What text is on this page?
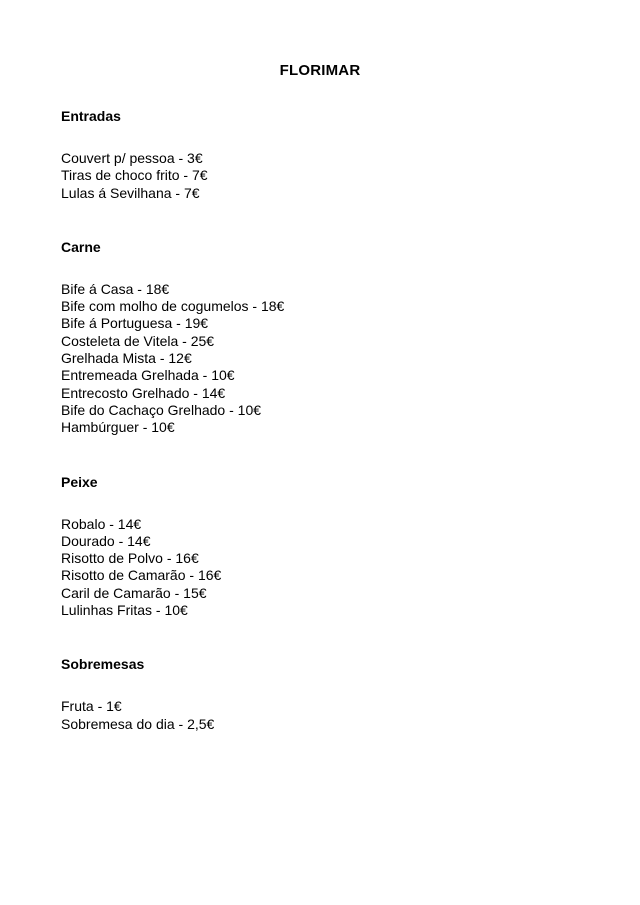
FLORIMAR
Entradas
Couvert p/ pessoa - 3€
Tiras de choco frito - 7€
Lulas á Sevilhana - 7€
Carne
Bife á Casa - 18€
Bife com molho de cogumelos - 18€
Bife á Portuguesa - 19€
Costeleta de Vitela - 25€
Grelhada Mista - 12€
Entremeada Grelhada - 10€
Entrecosto Grelhado - 14€
Bife do Cachaço Grelhado - 10€
Hambúrguer - 10€
Peixe
Robalo - 14€
Dourado - 14€
Risotto de Polvo - 16€
Risotto de Camarão - 16€
Caril de Camarão - 15€
Lulinhas Fritas - 10€
Sobremesas
Fruta - 1€
Sobremesa do dia - 2,5€
